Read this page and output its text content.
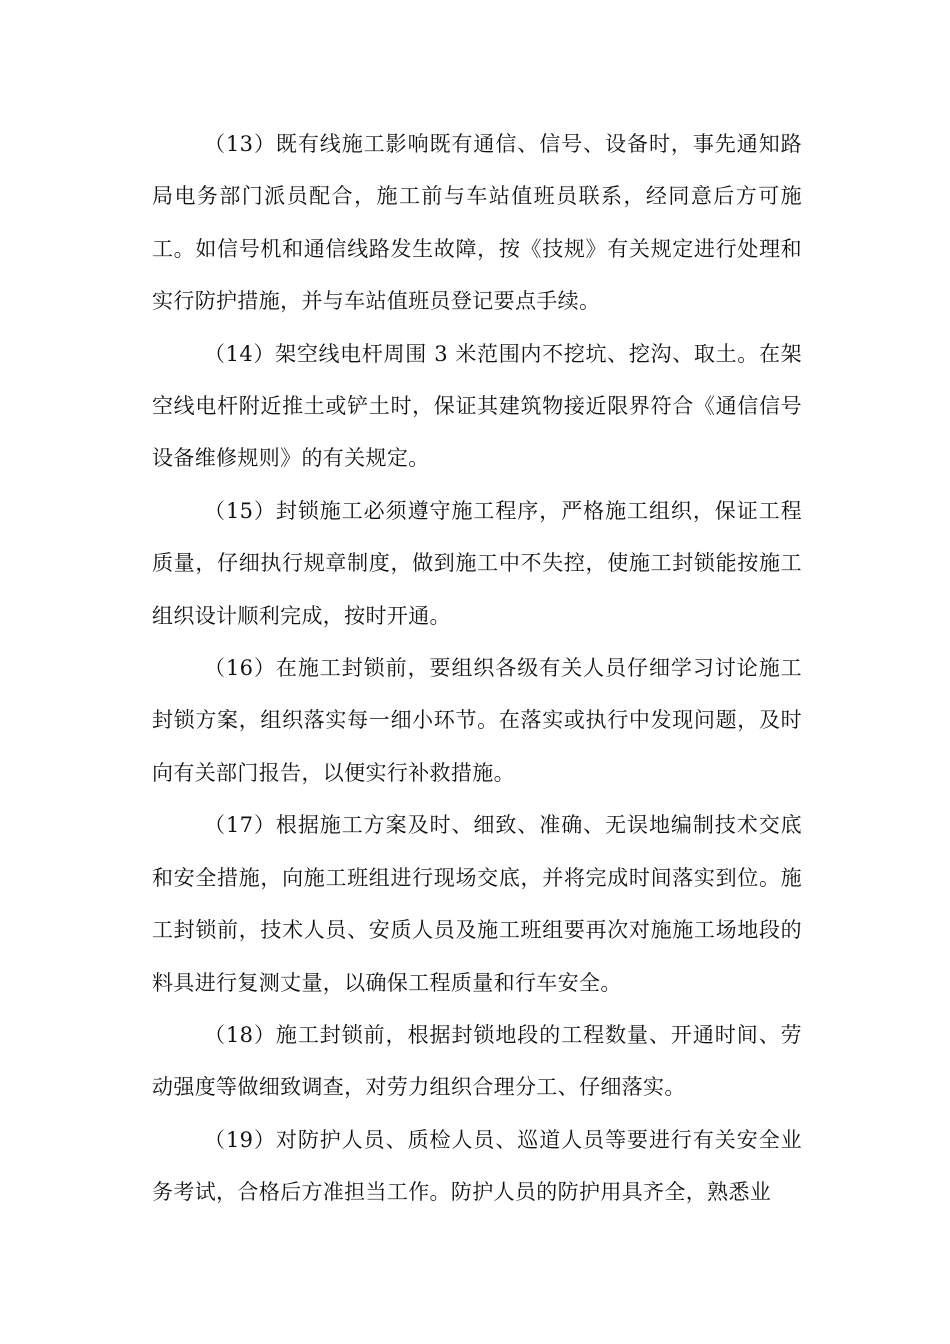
（13）既有线施工影响既有通信、信号、设备时，事先通知路局电务部门派员配合，施工前与车站值班员联系，经同意后方可施工。如信号机和通信线路发生故障，按《技规》有关规定进行处理和实行防护措施，并与车站值班员登记要点手续。

（14）架空线电杆周围 3 米范围内不挖坑、挖沟、取土。在架空线电杆附近推土或铲土时，保证其建筑物接近限界符合《通信信号设备维修规则》的有关规定。

（15）封锁施工必须遵守施工程序，严格施工组织，保证工程质量，仔细执行规章制度，做到施工中不失控，使施工封锁能按施工组织设计顺利完成，按时开通。

（16）在施工封锁前，要组织各级有关人员仔细学习讨论施工封锁方案，组织落实每一细小环节。在落实或执行中发现问题，及时向有关部门报告，以便实行补救措施。

（17）根据施工方案及时、细致、准确、无误地编制技术交底和安全措施，向施工班组进行现场交底，并将完成时间落实到位。施工封锁前，技术人员、安质人员及施工班组要再次对施施工场地段的料具进行复测丈量，以确保工程质量和行车安全。

（18）施工封锁前，根据封锁地段的工程数量、开通时间、劳动强度等做细致调查，对劳力组织合理分工、仔细落实。

（19）对防护人员、质检人员、巡道人员等要进行有关安全业务考试，合格后方准担当工作。防护人员的防护用具齐全，熟悉业
